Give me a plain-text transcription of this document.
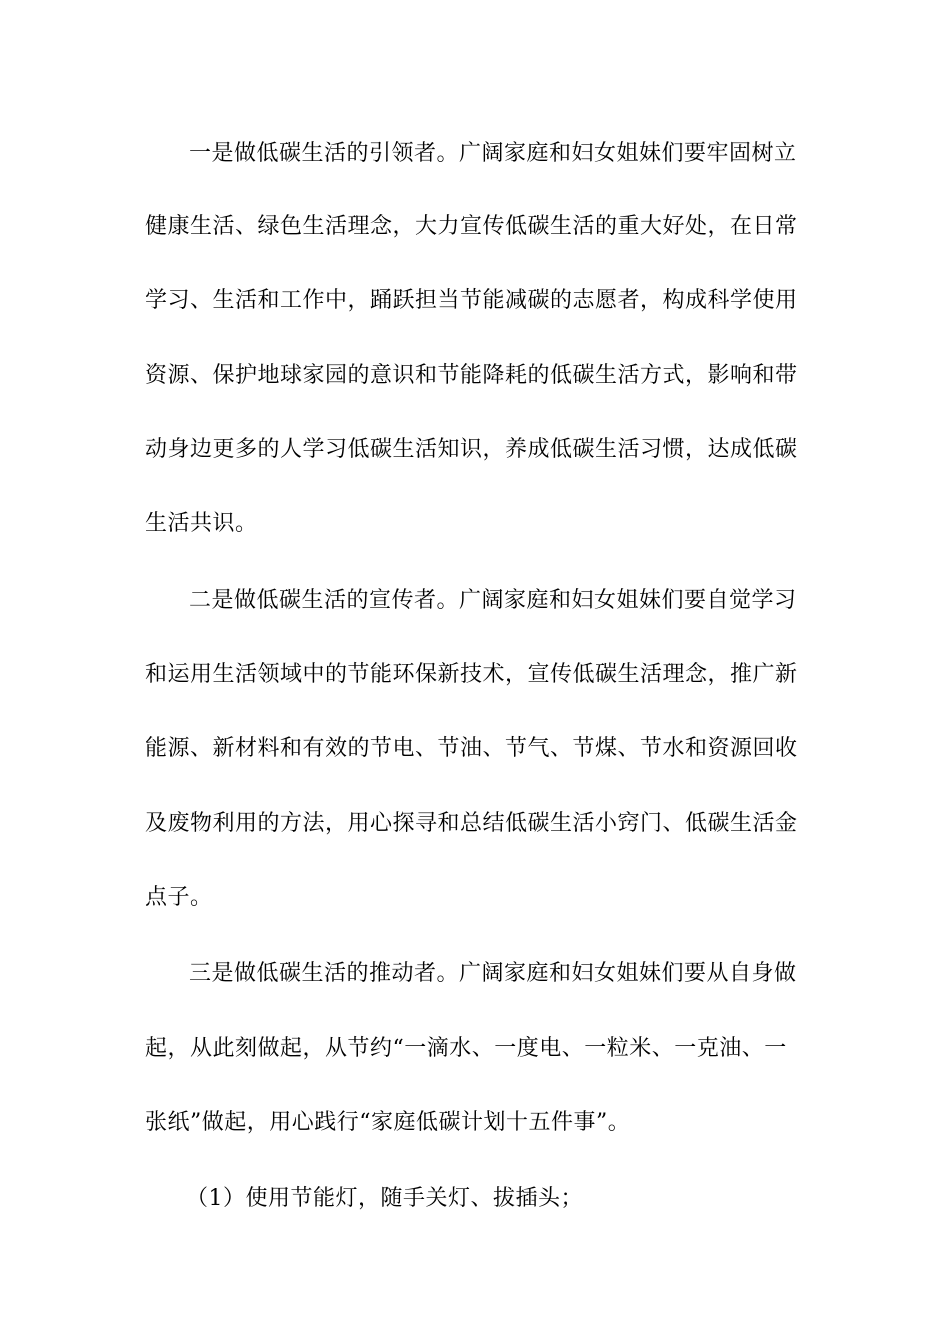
一是做低碳生活的引领者。广阔家庭和妇女姐妹们要牢固树立
健康生活、绿色生活理念，大力宣传低碳生活的重大好处，在日常
学习、生活和工作中，踊跃担当节能减碳的志愿者，构成科学使用
资源、保护地球家园的意识和节能降耗的低碳生活方式，影响和带
动身边更多的人学习低碳生活知识，养成低碳生活习惯，达成低碳
生活共识。
二是做低碳生活的宣传者。广阔家庭和妇女姐妹们要自觉学习
和运用生活领域中的节能环保新技术，宣传低碳生活理念，推广新
能源、新材料和有效的节电、节油、节气、节煤、节水和资源回收
及废物利用的方法，用心探寻和总结低碳生活小窍门、低碳生活金
点子。
三是做低碳生活的推动者。广阔家庭和妇女姐妹们要从自身做
起，从此刻做起，从节约“一滴水、一度电、一粒米、一克油、一
张纸”做起，用心践行“家庭低碳计划十五件事”。
（1）使用节能灯，随手关灯、拔插头；
